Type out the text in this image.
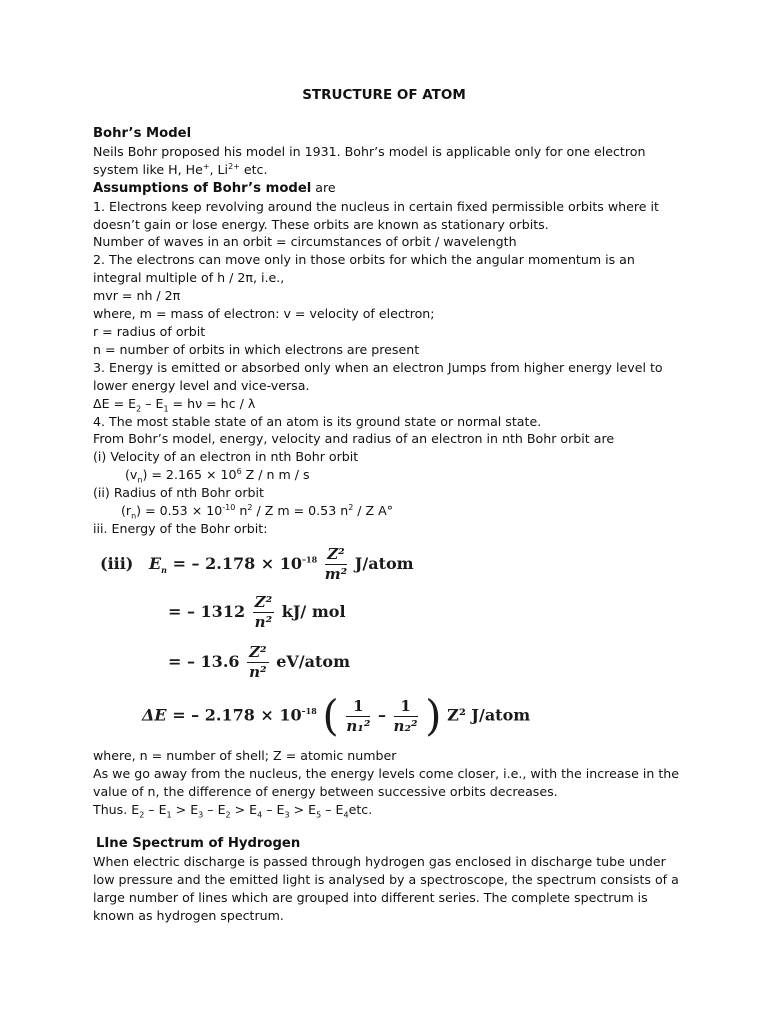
STRUCTURE OF ATOM
Bohr’s Model
Neils Bohr proposed his model in 1931. Bohr’s model is applicable only for one electron
system like H, He+, $Li^{2+}$ etc.
Assumptions of Bohr’s model are
1. Electrons keep revolving around the nucleus in certain fixed permissible orbits where it
doesn’t gain or lose energy. These orbits are known as stationary orbits.
Number of waves in an orbit = circumstances of orbit / wavelength
2. The electrons can move only in those orbits for which the angular momentum is an
integral multiple of h / 2π, i.e.,
mvr = nh / 2π
where, m = mass of electron: v = velocity of electron;
r = radius of orbit
n = number of orbits in which electrons are present
3. Energy is emitted or absorbed only when an electron Jumps from higher energy level to
lower energy level and vice-versa.
$\Delta E = E_2 - E_1 = h\nu$ = hc / λ
4. The most stable state of an atom is its ground state or normal state.
From Bohr’s model, energy, velocity and radius of an electron in nth Bohr orbit are
(i) Velocity of an electron in nth Bohr orbit
$(v_n) = 2.165 \times 10^6$ Z / n m / s
(ii) Radius of nth Bohr orbit
$(r_n) = 0.53 \times 10^{-10}$ $n^2$ / Z m = 0.53 $n^2$ / Z A°
iii. Energy of the Bohr orbit:
(iii) $E_n$ = – $2.178 \times 10^{-18} \frac{\text{Z²}}{\text{m²}}$ J/atom
= – $1312 \frac{\text{Z²}}{\text{n²}} kJ/$ mol
= – $13.6 \frac{\text{Z²}}{\text{n²}}$ eV/atom
ΔE = – $2.178 \times 10^{-18}$ ( $\frac{1}{\text{n₁²}} - \frac{1}{\text{n₂²}}$ ) Z² J/atom
where, n = number of shell; Z = atomic number
As we go away from the nucleus, the energy levels come closer, i.e., with the increase in the
value of n, the difference of energy between successive orbits decreases.
Thus. $E_2 - E_1 > E_3 - E_2 > E_4 - E_3 > E_5 - E_4etc$.
LIne Spectrum of Hydrogen
When electric discharge is passed through hydrogen gas enclosed in discharge tube under
low pressure and the emitted light is analysed by a spectroscope, the spectrum consists of a
large number of lines which are grouped into different series. The complete spectrum is
known as hydrogen spectrum.
